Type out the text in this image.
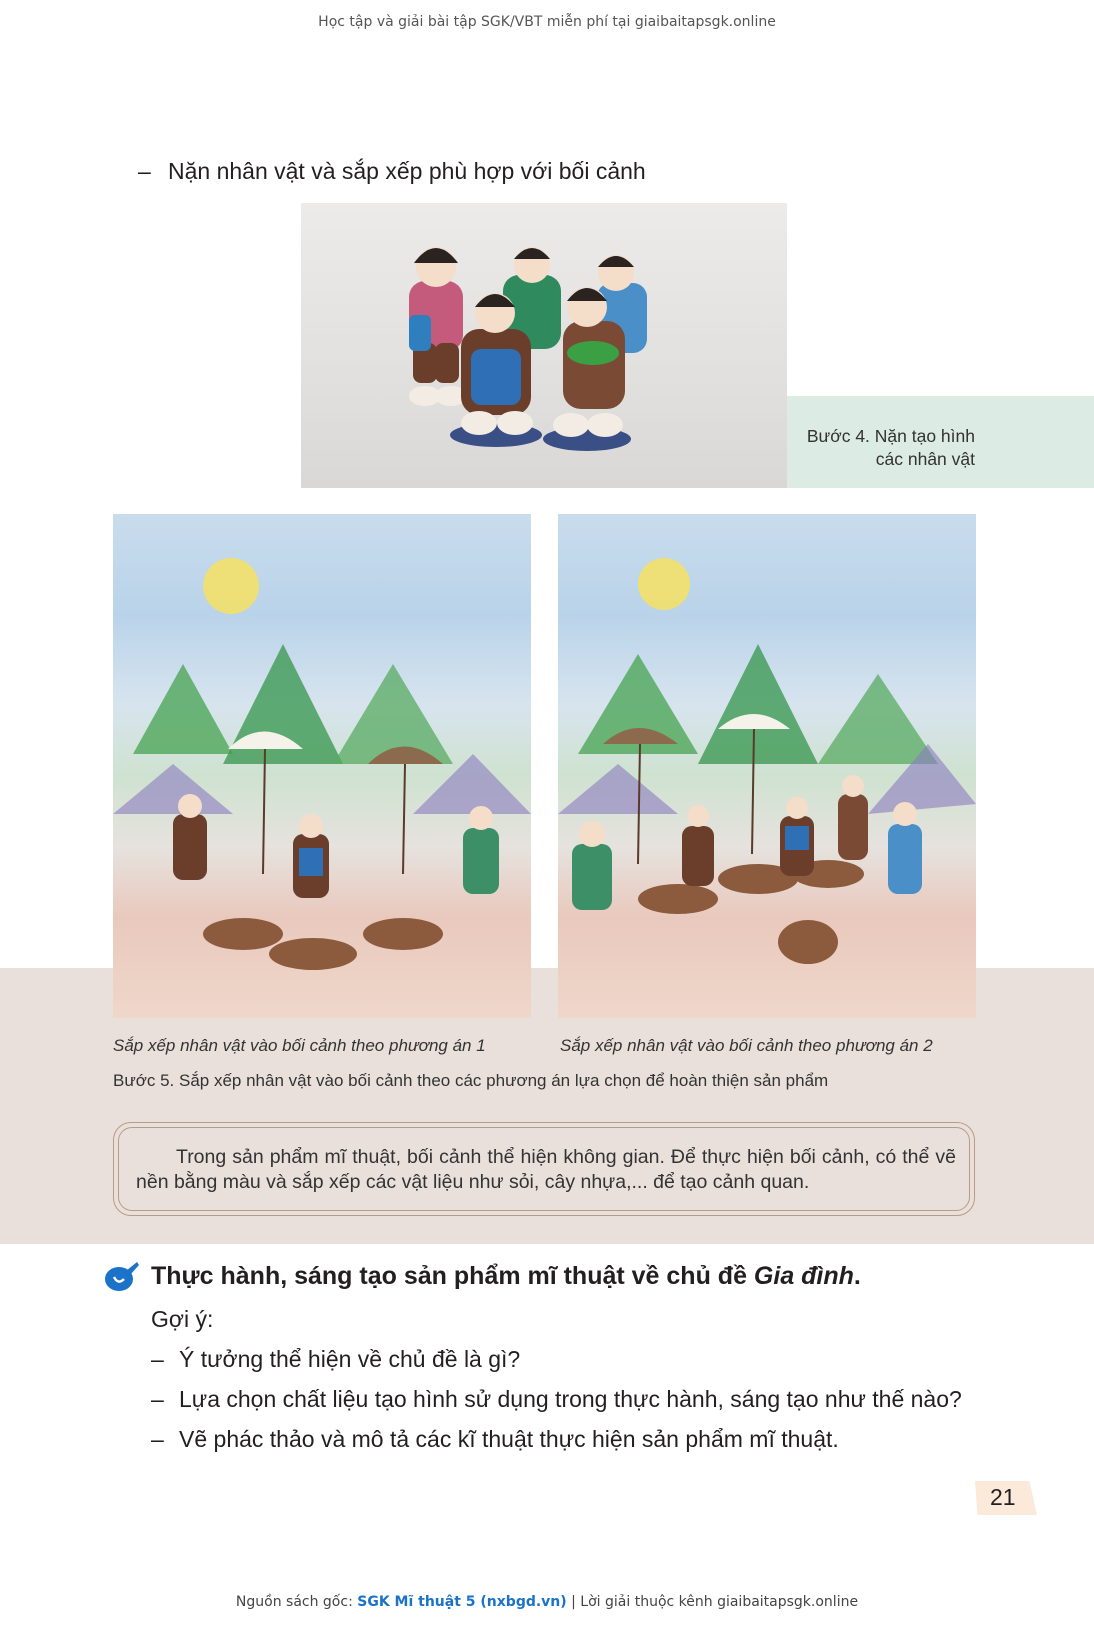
Học tập và giải bài tập SGK/VBT miễn phí tại giaibaitapsgk.online
– Nặn nhân vật và sắp xếp phù hợp với bối cảnh
Bước 4. Nặn tạo hình
các nhân vật
Sắp xếp nhân vật vào bối cảnh theo phương án 1	Sắp xếp nhân vật vào bối cảnh theo phương án 2
Bước 5. Sắp xếp nhân vật vào bối cảnh theo các phương án lựa chọn để hoàn thiện sản phẩm
Trong sản phẩm mĩ thuật, bối cảnh thể hiện không gian. Để thực hiện bối cảnh, có thể vẽ nền bằng màu và sắp xếp các vật liệu như sỏi, cây nhựa,... để tạo cảnh quan.
Thực hành, sáng tạo sản phẩm mĩ thuật về chủ đề Gia đình.
Gợi ý:
– Ý tưởng thể hiện về chủ đề là gì?
– Lựa chọn chất liệu tạo hình sử dụng trong thực hành, sáng tạo như thế nào?
– Vẽ phác thảo và mô tả các kĩ thuật thực hiện sản phẩm mĩ thuật.
21
Nguồn sách gốc: SGK Mĩ thuật 5 (nxbgd.vn) | Lời giải thuộc kênh giaibaitapsgk.online
